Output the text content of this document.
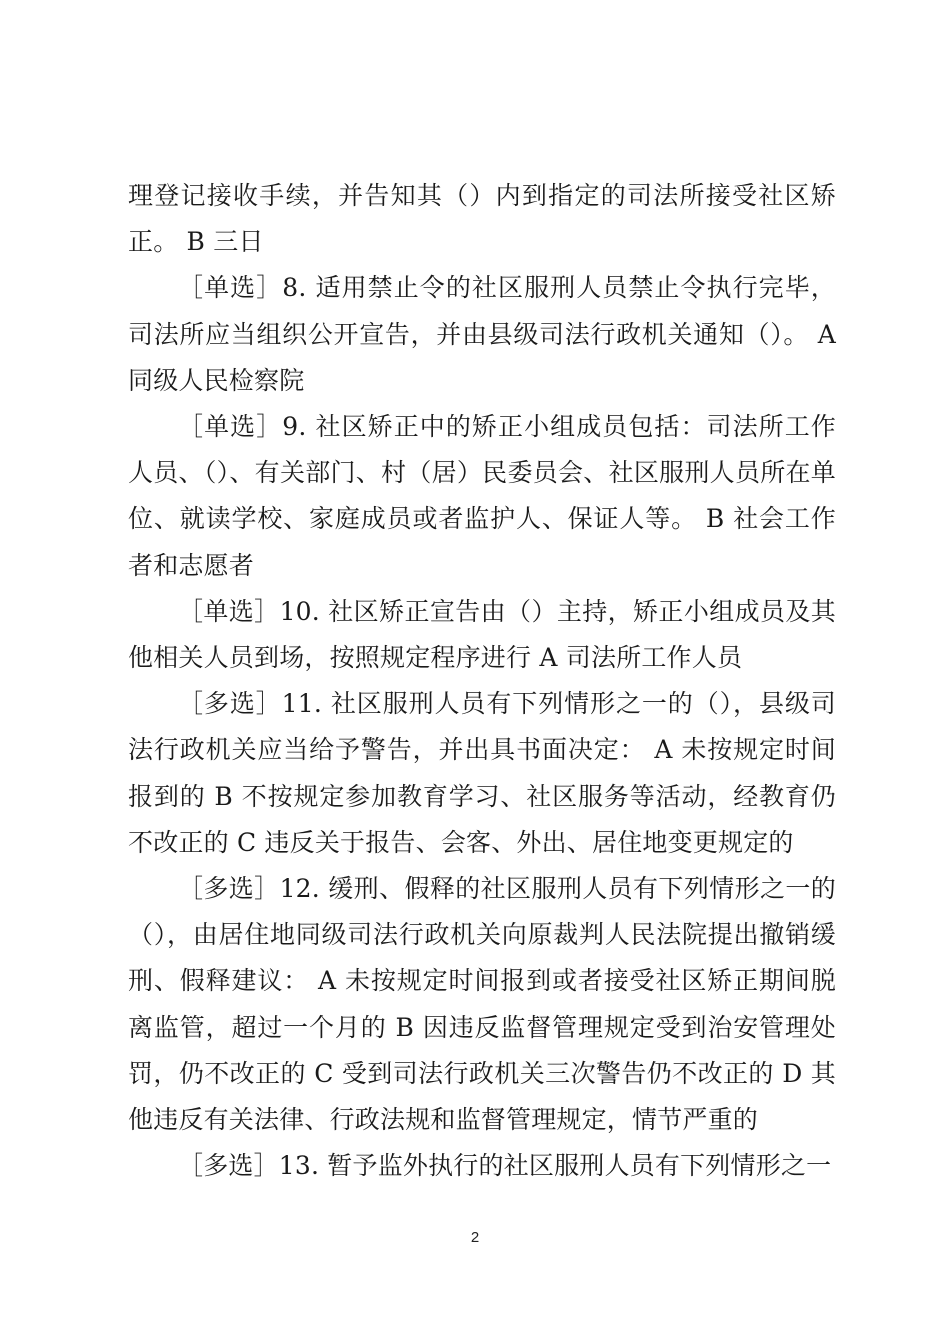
理登记接收手续，并告知其（）内到指定的司法所接受社区矫正。 B 三日

［单选］8. 适用禁止令的社区服刑人员禁止令执行完毕，司法所应当组织公开宣告，并由县级司法行政机关通知（）。 A 同级人民检察院

［单选］9. 社区矫正中的矫正小组成员包括：司法所工作人员、（）、有关部门、村（居）民委员会、社区服刑人员所在单位、就读学校、家庭成员或者监护人、保证人等。 B 社会工作者和志愿者

［单选］10. 社区矫正宣告由（）主持，矫正小组成员及其他相关人员到场，按照规定程序进行 A 司法所工作人员

［多选］11. 社区服刑人员有下列情形之一的（），县级司法行政机关应当给予警告，并出具书面决定： A 未按规定时间报到的 B 不按规定参加教育学习、社区服务等活动，经教育仍不改正的 C 违反关于报告、会客、外出、居住地变更规定的

［多选］12. 缓刑、假释的社区服刑人员有下列情形之一的（），由居住地同级司法行政机关向原裁判人民法院提出撤销缓刑、假释建议： A 未按规定时间报到或者接受社区矫正期间脱离监管，超过一个月的 B 因违反监督管理规定受到治安管理处罚，仍不改正的 C 受到司法行政机关三次警告仍不改正的 D 其他违反有关法律、行政法规和监督管理规定，情节严重的

［多选］13. 暂予监外执行的社区服刑人员有下列情形之一

2
